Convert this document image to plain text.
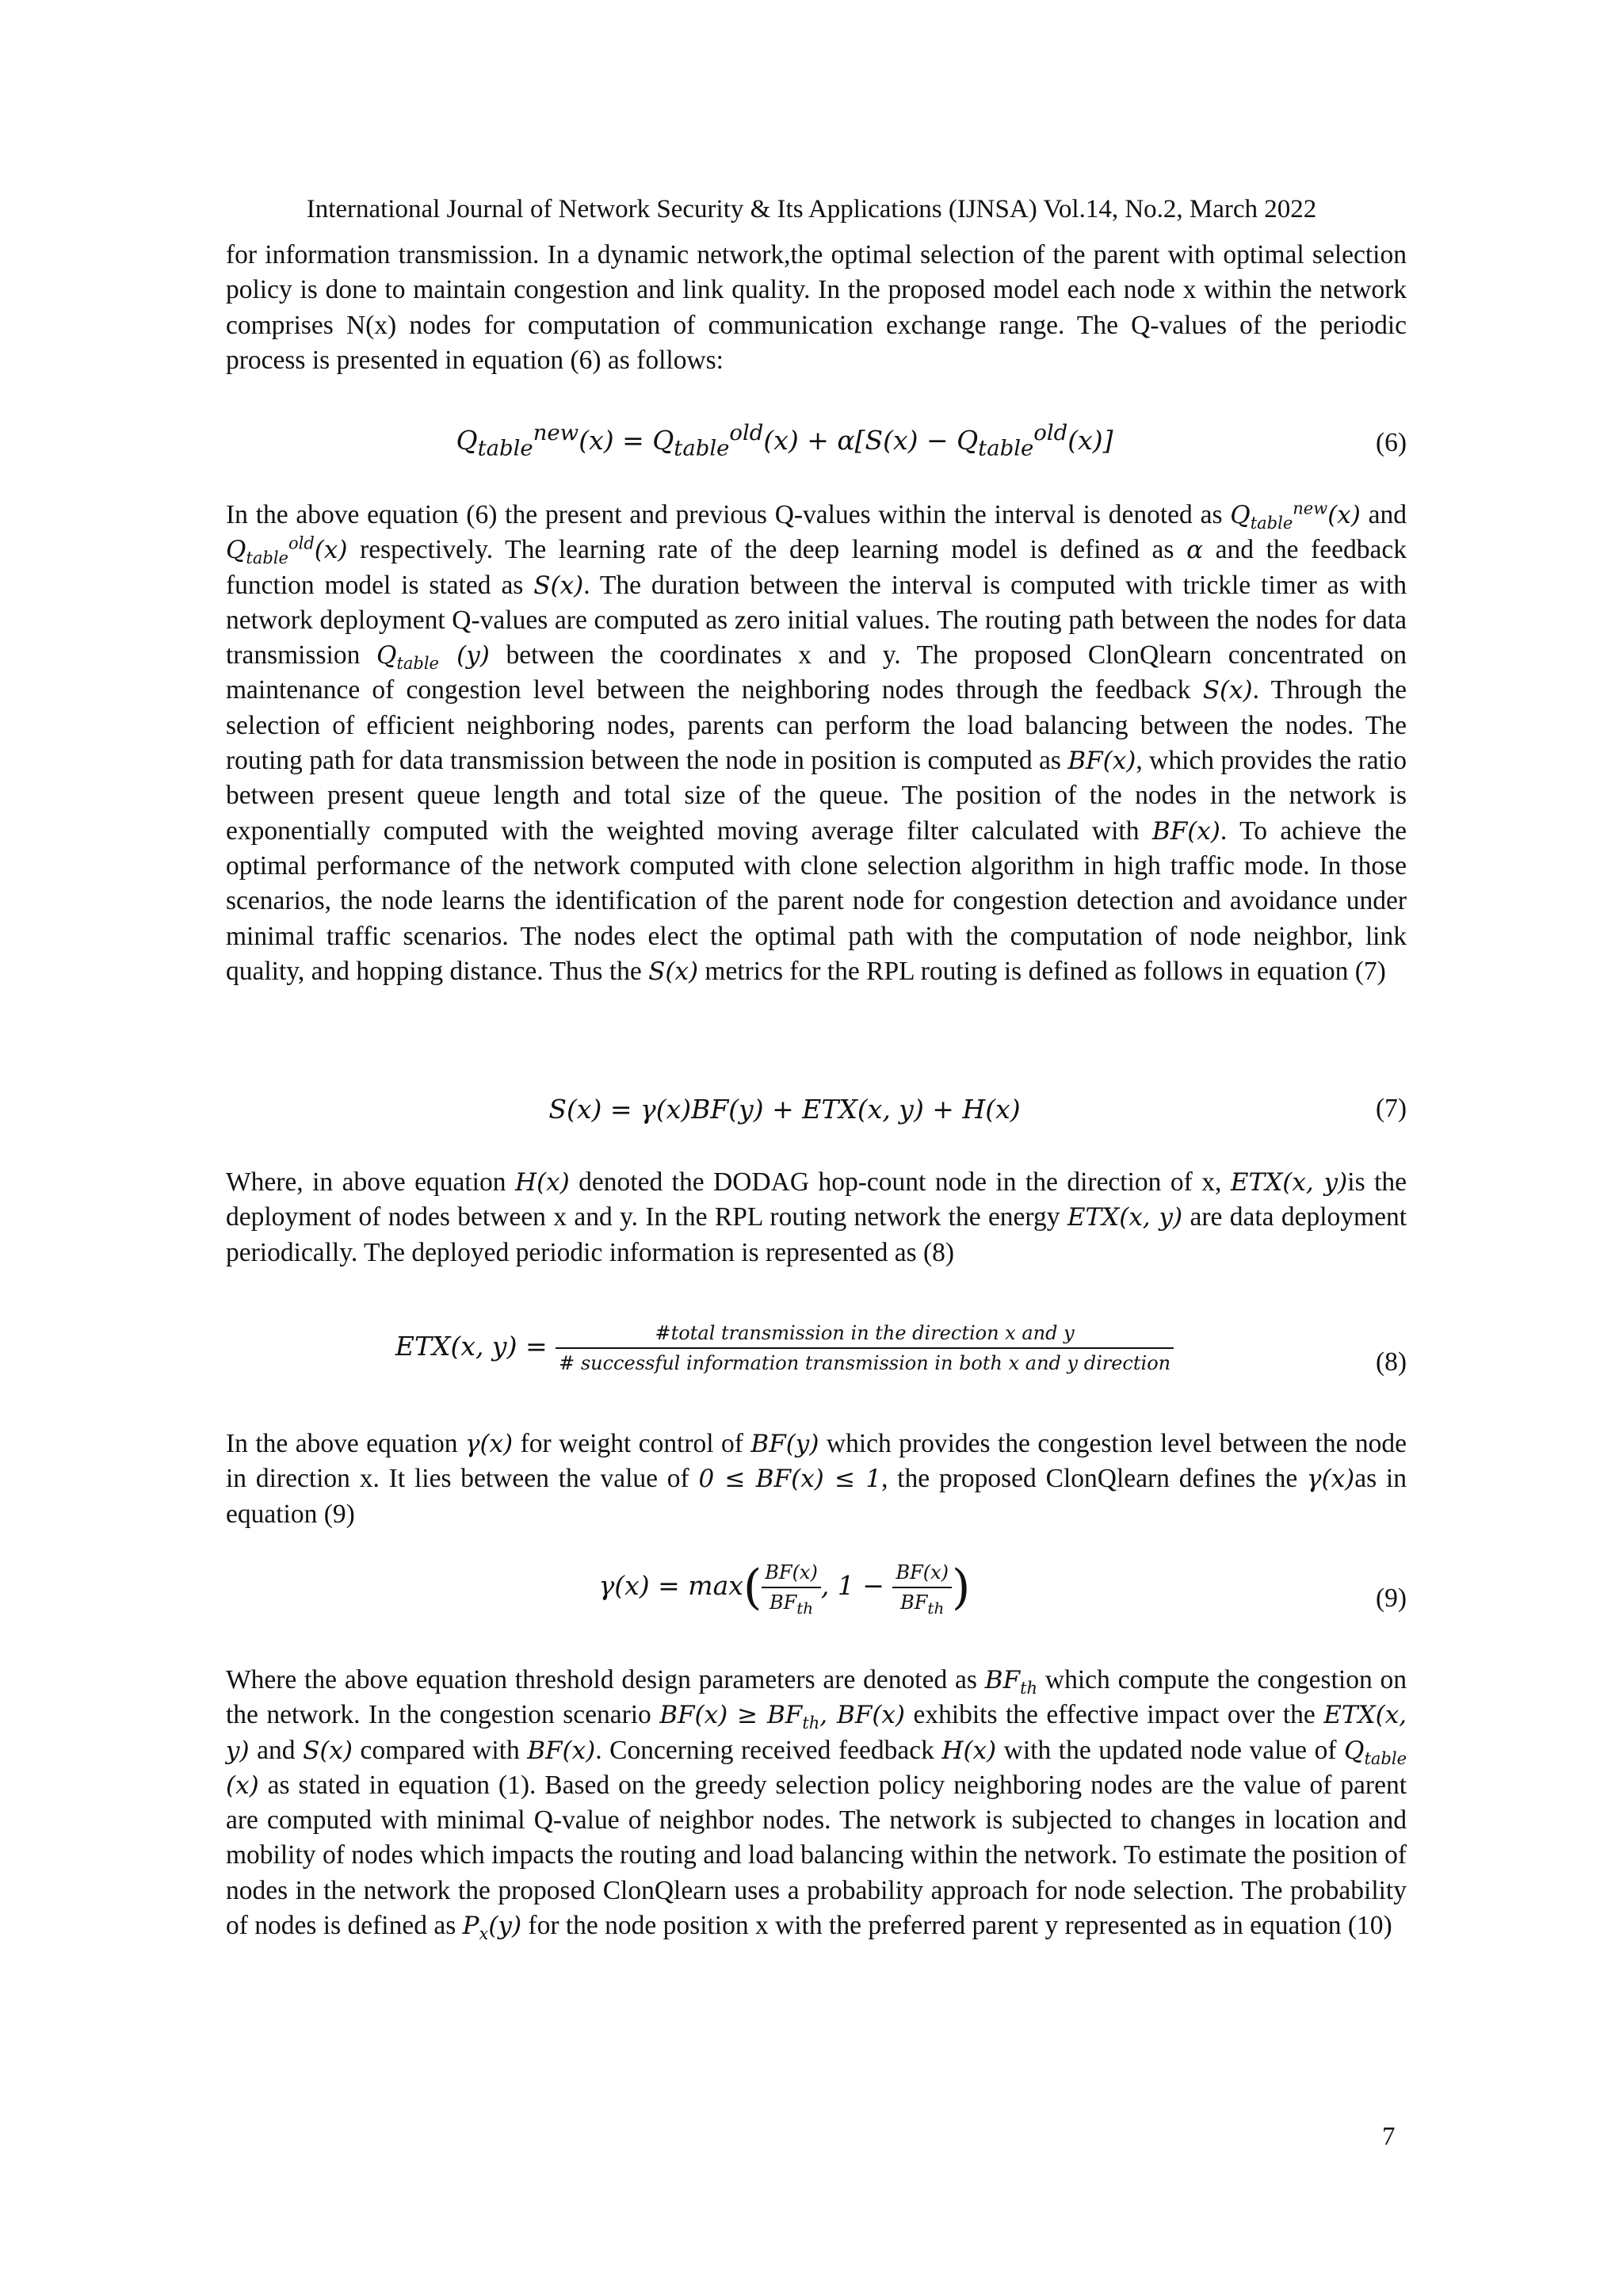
International Journal of Network Security & Its Applications (IJNSA) Vol.14, No.2, March 2022

for information transmission. In a dynamic network,the optimal selection of the parent with optimal selection policy is done to maintain congestion and link quality. In the proposed model each node x within the network comprises N(x) nodes for computation of communication exchange range. The Q-values of the periodic process is presented in equation (6) as follows:

$Q_{table}^{new}(x) = Q_{table}^{old}(x) + \alpha[S(x) - Q_{table}^{old}(x)]$	(6)

In the above equation (6) the present and previous Q-values within the interval is denoted as $Q_{table}^{new}(x)$ and $Q_{table}^{old}(x)$ respectively. The learning rate of the deep learning model is defined as α and the feedback function model is stated as S(x). The duration between the interval is computed with trickle timer as with network deployment Q-values are computed as zero initial values. The routing path between the nodes for data transmission $Q_{table}$ (y) between the coordinates x and y. The proposed ClonQlearn concentrated on maintenance of congestion level between the neighboring nodes through the feedback S(x). Through the selection of efficient neighboring nodes, parents can perform the load balancing between the nodes. The routing path for data transmission between the node in position is computed as BF(x), which provides the ratio between present queue length and total size of the queue. The position of the nodes in the network is exponentially computed with the weighted moving average filter calculated with BF(x). To achieve the optimal performance of the network computed with clone selection algorithm in high traffic mode. In those scenarios, the node learns the identification of the parent node for congestion detection and avoidance under minimal traffic scenarios. The nodes elect the optimal path with the computation of node neighbor, link quality, and hopping distance. Thus the S(x) metrics for the RPL routing is defined as follows in equation (7)

S(x) = γ(x)BF(y) + ETX(x, y) + H(x)	(7)

Where, in above equation H(x) denoted the DODAG hop-count node in the direction of x, ETX(x, y)is the deployment of nodes between x and y. In the RPL routing network the energy ETX(x, y) are data deployment periodically. The deployed periodic information is represented as (8)

ETX(x, y) =	#total transmission in the direction x and y
# successful information transmission in both x and y direction	(8)

In the above equation γ(x) for weight control of BF(y) which provides the congestion level between the node in direction x. It lies between the value of 0 ≤ BF(x) ≤ 1, the proposed ClonQlearn defines the γ(x)as in equation (9)

$\gamma(x) = \max( \frac{BF(x)}{BF_{th}}$ , $1 - \frac{BF(x)}{BF_{th}}$ )	(9)

Where the above equation threshold design parameters are denoted as $BF_{th}$ which compute the congestion on the network. In the congestion scenario $BF(x) \ge BF_{th}$, BF(x) exhibits the effective impact over the ETX(x, y) and S(x) compared with BF(x). Concerning received feedback H(x) with the updated node value of $Q_{table}$ (x) as stated in equation (1). Based on the greedy selection policy neighboring nodes are the value of parent are computed with minimal Q-value of neighbor nodes. The network is subjected to changes in location and mobility of nodes which impacts the routing and load balancing within the network. To estimate the position of nodes in the network the proposed ClonQlearn uses a probability approach for node selection. The probability of nodes is defined as $P_x(y)$ for the node position x with the preferred parent y represented as in equation (10)

7
